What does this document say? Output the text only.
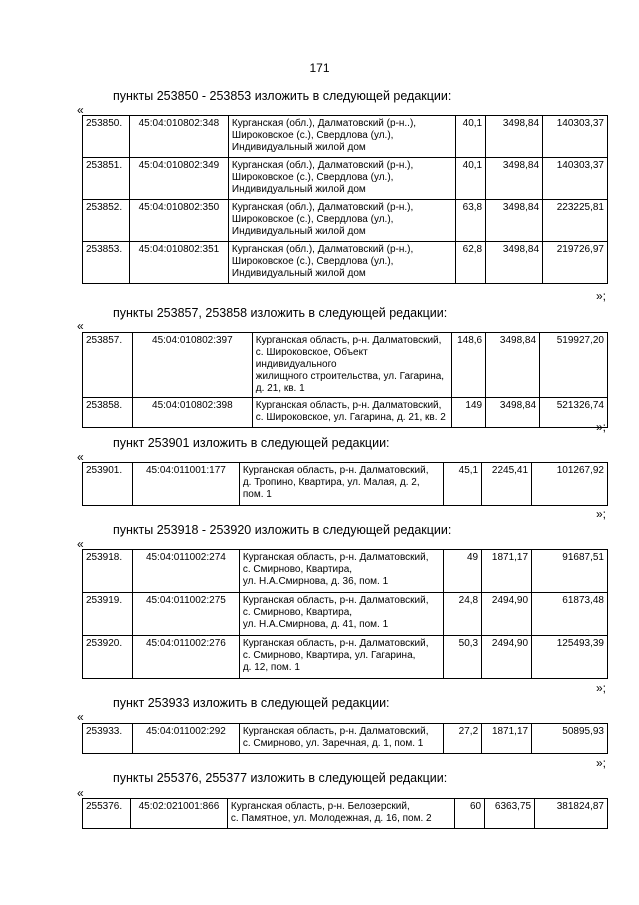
171
пункты 253850 - 253853 изложить в следующей редакции:
«
253850.	45:04:010802:348	Курганская (обл.), Далматовский (р-н..),
Широковское (с.), Свердлова (ул.),
Индивидуальный жилой дом	40,1	3498,84	140303,37
253851.	45:04:010802:349	Курганская (обл.), Далматовский (р-н.),
Широковское (с.), Свердлова (ул.),
Индивидуальный жилой дом	40,1	3498,84	140303,37
253852.	45:04:010802:350	Курганская (обл.), Далматовский (р-н.),
Широковское (с.), Свердлова (ул.),
Индивидуальный жилой дом	63,8	3498,84	223225,81
253853.	45:04:010802:351	Курганская (обл.), Далматовский (р-н.),
Широковское (с.), Свердлова (ул.),
Индивидуальный жилой дом	62,8	3498,84	219726,97
»;
пункты 253857, 253858 изложить в следующей редакции:
«
253857.	45:04:010802:397	Курганская область, р-н. Далматовский,
с. Широковское, Объект индивидуального
жилищного строительства, ул. Гагарина,
д. 21, кв. 1	148,6	3498,84	519927,20
253858.	45:04:010802:398	Курганская область, р-н. Далматовский,
с. Широковское, ул. Гагарина, д. 21, кв. 2	149	3498,84	521326,74
»;
пункт 253901 изложить в следующей редакции:
«
253901.	45:04:011001:177	Курганская область, р-н. Далматовский,
д. Тропино, Квартира, ул. Малая, д. 2,
пом. 1
	45,1	2245,41	101267,92
»;
пункты 253918 - 253920 изложить в следующей редакции:
«
253918.	45:04:011002:274	Курганская область, р-н. Далматовский,
с. Смирново, Квартира,
ул. Н.А.Смирнова, д. 36, пом. 1	49	1871,17	91687,51
253919.	45:04:011002:275	Курганская область, р-н. Далматовский,
с. Смирново, Квартира,
ул. Н.А.Смирнова, д. 41, пом. 1	24,8	2494,90	61873,48
253920.	45:04:011002:276	Курганская область, р-н. Далматовский,
с. Смирново, Квартира, ул. Гагарина,
д. 12, пом. 1	50,3	2494,90	125493,39
»;
пункт 253933 изложить в следующей редакции:
«
253933.	45:04:011002:292	Курганская область, р-н. Далматовский,
с. Смирново, ул. Заречная, д. 1, пом. 1
	27,2	1871,17	50895,93
»;
пункты 255376, 255377 изложить в следующей редакции:
«
255376.	45:02:021001:866	Курганская область, р-н. Белозерский,
с. Памятное, ул. Молодежная, д. 16, пом. 2
	60	6363,75	381824,87
